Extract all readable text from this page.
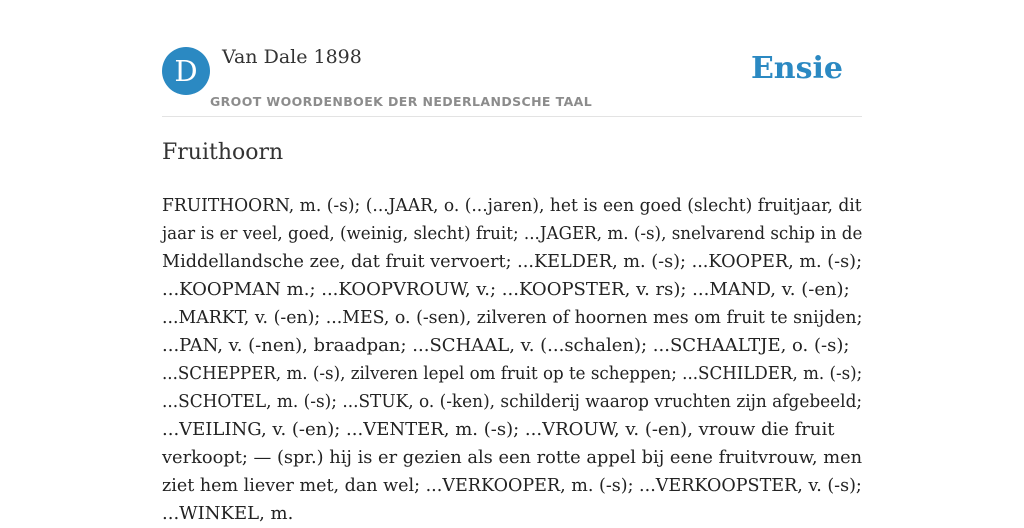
D	Van Dale 1898
GROOT WOORDENBOEK DER NEDERLANDSCHE TAAL
Ensie
Fruithoorn
FRUITHOORN, m. (-s); (...JAAR, o. (...jaren), het is een goed (slecht) fruitjaar, dit
jaar is er veel, goed, (weinig, slecht) fruit; ...JAGER, m. (-s), snelvarend schip in de
Middellandsche zee, dat fruit vervoert; ...KELDER, m. (-s); ...KOOPER, m. (-s);
...KOOPMAN m.; ...KOOPVROUW, v.; ...KOOPSTER, v. rs); ...MAND, v. (-en);
...MARKT, v. (-en); ...MES, o. (-sen), zilveren of hoornen mes om fruit te snijden;
...PAN, v. (-nen), braadpan; ...SCHAAL, v. (...schalen); ...SCHAALTJE, o. (-s);
...SCHEPPER, m. (-s), zilveren lepel om fruit op te scheppen; ...SCHILDER, m. (-s);
...SCHOTEL, m. (-s); ...STUK, o. (-ken), schilderij waarop vruchten zijn afgebeeld;
...VEILING, v. (-en); ...VENTER, m. (-s); ...VROUW, v. (-en), vrouw die fruit
verkoopt; — (spr.) hij is er gezien als een rotte appel bij eene fruitvrouw, men
ziet hem liever met, dan wel; ...VERKOOPER, m. (-s); ...VERKOOPSTER, v. (-s);
...WINKEL, m.
